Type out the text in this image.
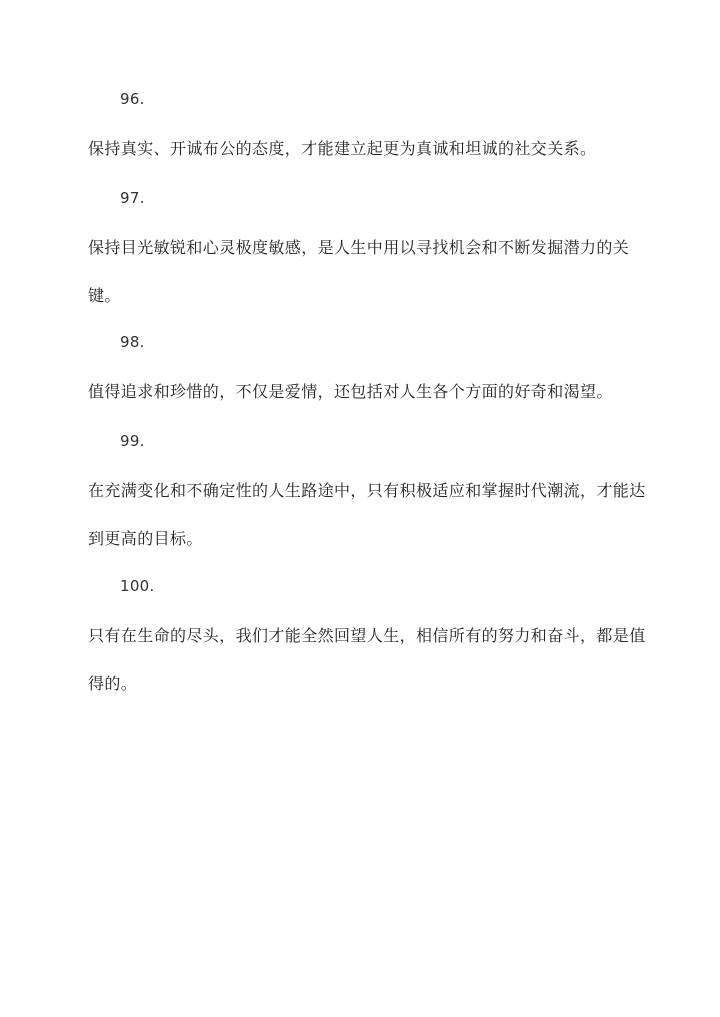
96.
保持真实、开诚布公的态度，才能建立起更为真诚和坦诚的社交关系。
97.
保持目光敏锐和心灵极度敏感，是人生中用以寻找机会和不断发掘潜力的关键。
98.
值得追求和珍惜的，不仅是爱情，还包括对人生各个方面的好奇和渴望。
99.
在充满变化和不确定性的人生路途中，只有积极适应和掌握时代潮流，才能达到更高的目标。
100.
只有在生命的尽头，我们才能全然回望人生，相信所有的努力和奋斗，都是值得的。
